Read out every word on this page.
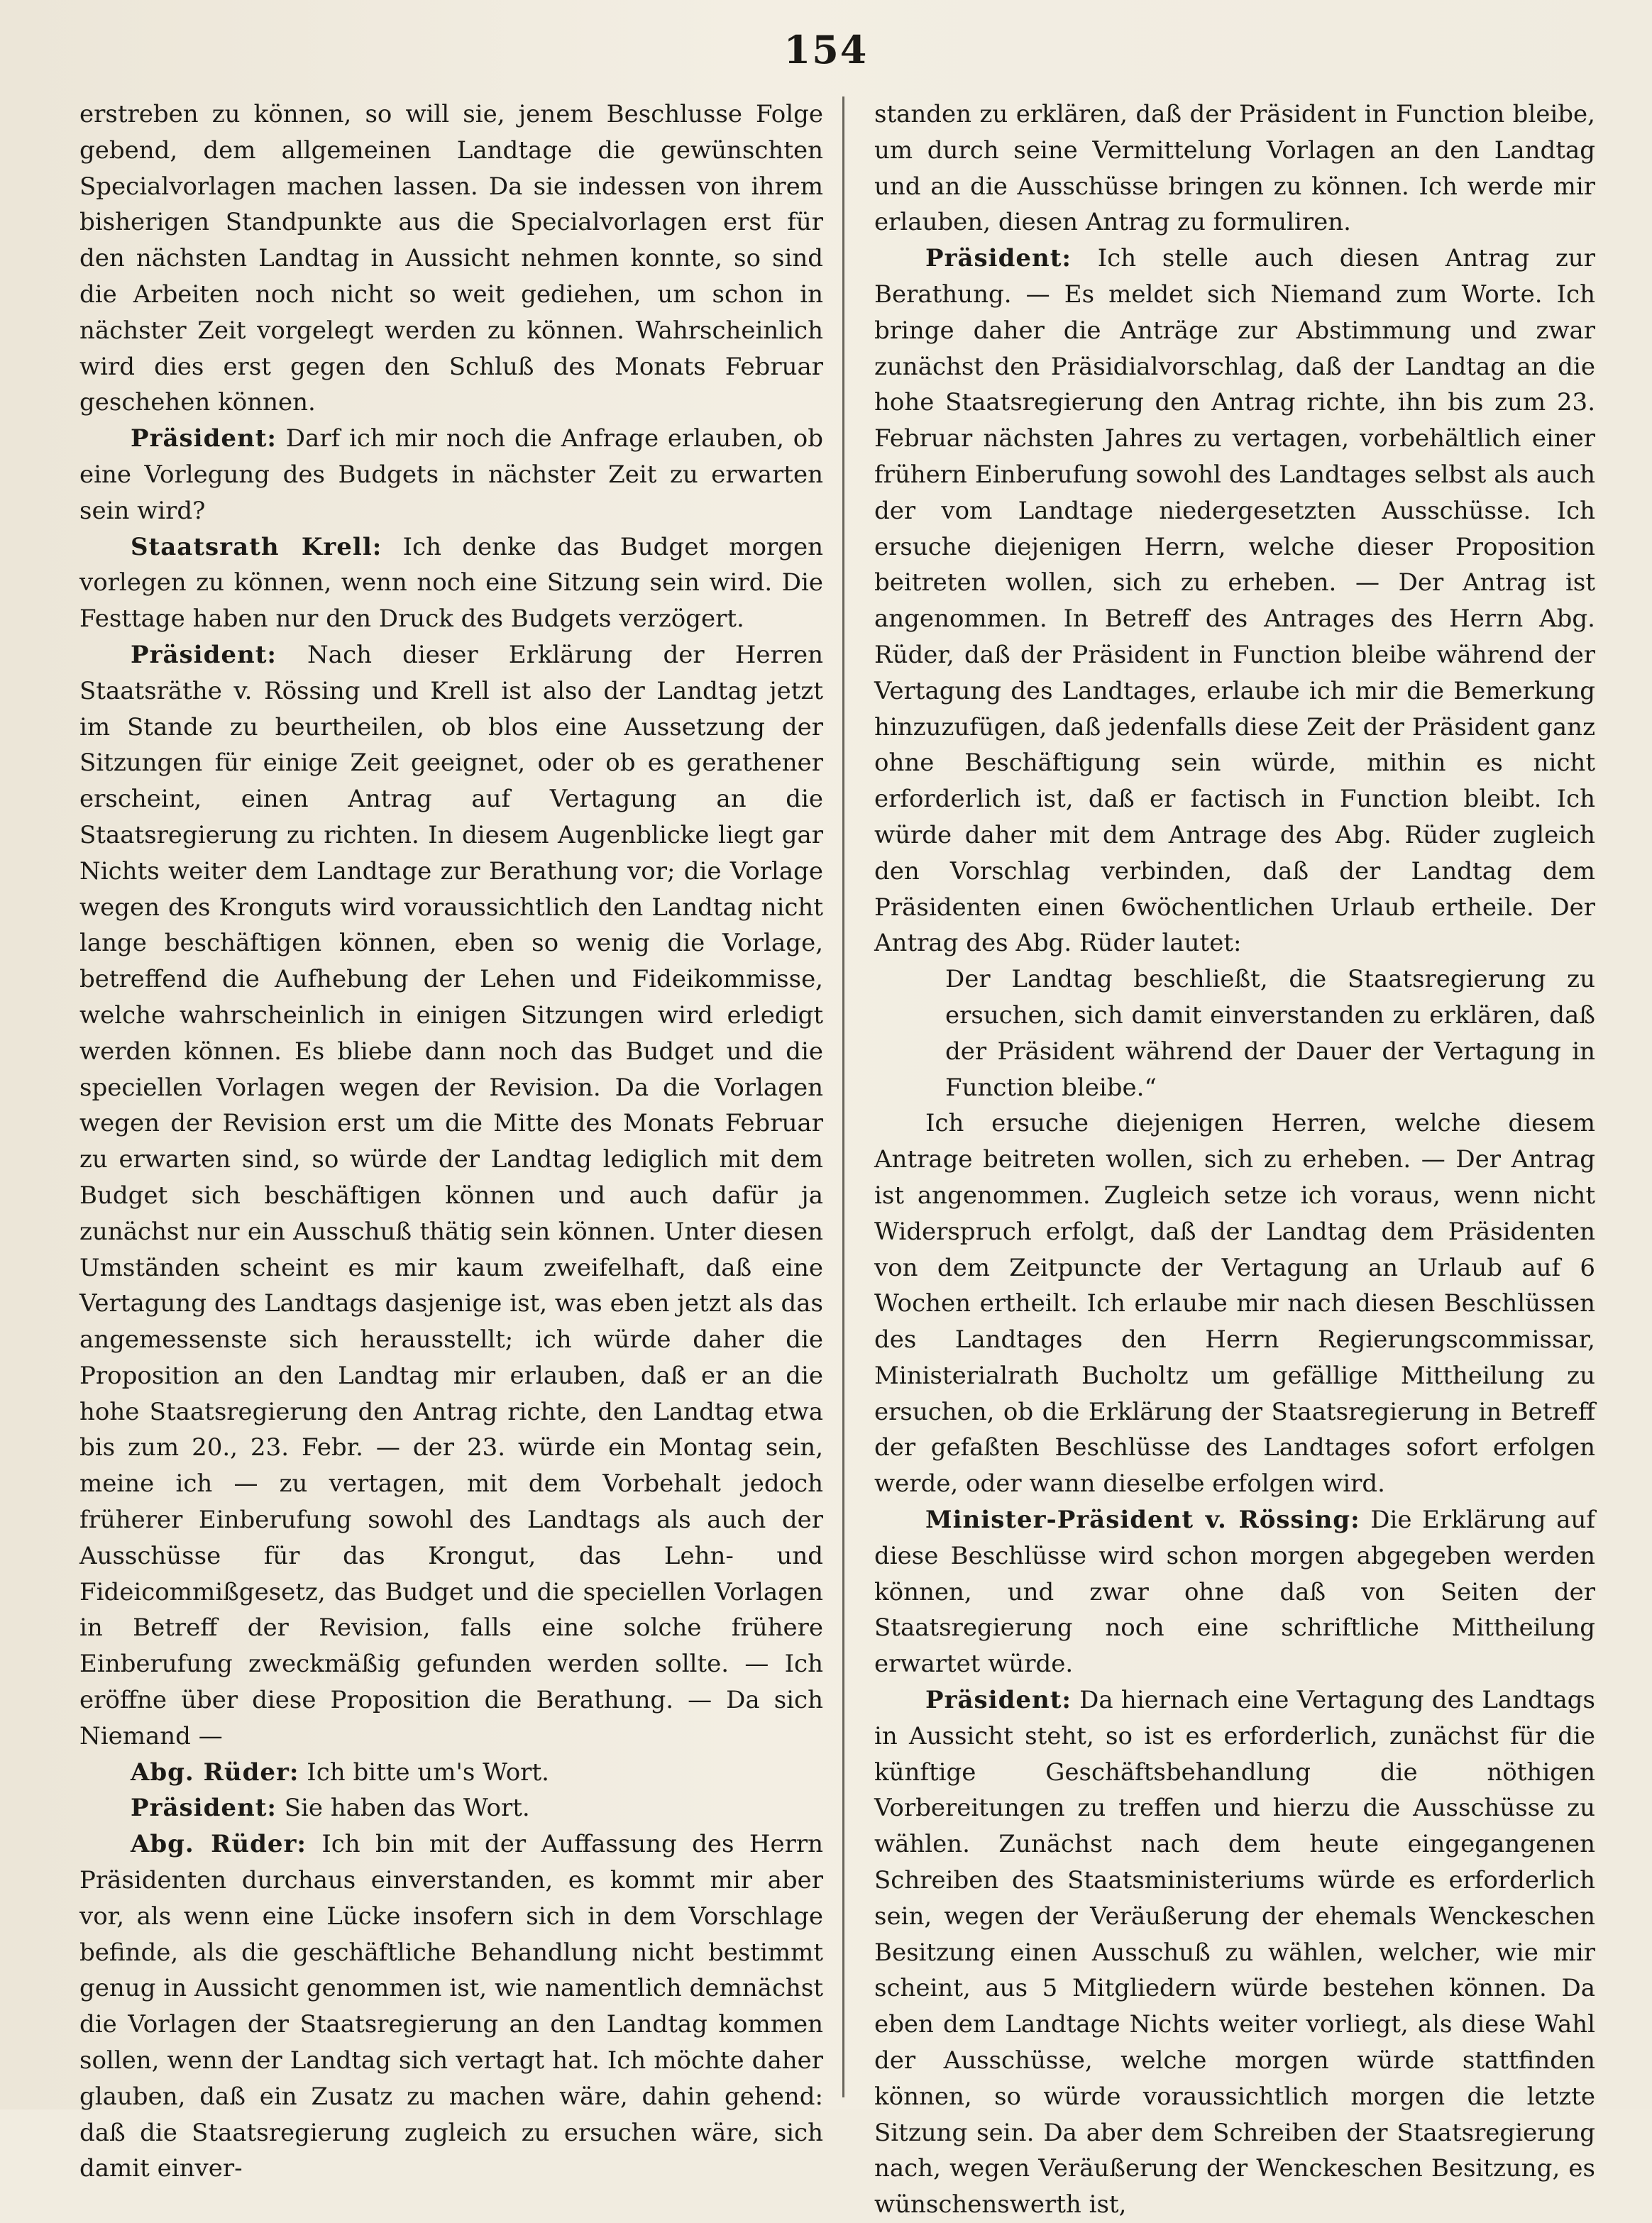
154

erstreben zu können, so will sie, jenem Beschlusse Folge gebend, dem allgemeinen Landtage die gewünschten Specialvorlagen machen lassen. Da sie indessen von ihrem bisherigen Standpunkte aus die Specialvorlagen erst für den nächsten Landtag in Aussicht nehmen konnte, so sind die Arbeiten noch nicht so weit gediehen, um schon in nächster Zeit vorgelegt werden zu können. Wahrscheinlich wird dies erst gegen den Schluß des Monats Februar geschehen können.

Präsident: Darf ich mir noch die Anfrage erlauben, ob eine Vorlegung des Budgets in nächster Zeit zu erwarten sein wird?

Staatsrath Krell: Ich denke das Budget morgen vorlegen zu können, wenn noch eine Sitzung sein wird. Die Festtage haben nur den Druck des Budgets verzögert.

Präsident: Nach dieser Erklärung der Herren Staatsräthe v. Rössing und Krell ist also der Landtag jetzt im Stande zu beurtheilen, ob blos eine Aussetzung der Sitzungen für einige Zeit geeignet, oder ob es gerathener erscheint, einen Antrag auf Vertagung an die Staatsregierung zu richten. In diesem Augenblicke liegt gar Nichts weiter dem Landtage zur Berathung vor; die Vorlage wegen des Kronguts wird voraussichtlich den Landtag nicht lange beschäftigen können, eben so wenig die Vorlage, betreffend die Aufhebung der Lehen und Fideikommisse, welche wahrscheinlich in einigen Sitzungen wird erledigt werden können. Es bliebe dann noch das Budget und die speciellen Vorlagen wegen der Revision. Da die Vorlagen wegen der Revision erst um die Mitte des Monats Februar zu erwarten sind, so würde der Landtag lediglich mit dem Budget sich beschäftigen können und auch dafür ja zunächst nur ein Ausschuß thätig sein können. Unter diesen Umständen scheint es mir kaum zweifelhaft, daß eine Vertagung des Landtags dasjenige ist, was eben jetzt als das angemessenste sich herausstellt; ich würde daher die Proposition an den Landtag mir erlauben, daß er an die hohe Staatsregierung den Antrag richte, den Landtag etwa bis zum 20., 23. Febr. — der 23. würde ein Montag sein, meine ich — zu vertagen, mit dem Vorbehalt jedoch früherer Einberufung sowohl des Landtags als auch der Ausschüsse für das Krongut, das Lehn- und Fideicommißgesetz, das Budget und die speciellen Vorlagen in Betreff der Revision, falls eine solche frühere Einberufung zweckmäßig gefunden werden sollte. — Ich eröffne über diese Proposition die Berathung. — Da sich Niemand —

Abg. Rüder: Ich bitte um's Wort.

Präsident: Sie haben das Wort.

Abg. Rüder: Ich bin mit der Auffassung des Herrn Präsidenten durchaus einverstanden, es kommt mir aber vor, als wenn eine Lücke insofern sich in dem Vorschlage befinde, als die geschäftliche Behandlung nicht bestimmt genug in Aussicht genommen ist, wie namentlich demnächst die Vorlagen der Staatsregierung an den Landtag kommen sollen, wenn der Landtag sich vertagt hat. Ich möchte daher glauben, daß ein Zusatz zu machen wäre, dahin gehend: daß die Staatsregierung zugleich zu ersuchen wäre, sich damit einver-

standen zu erklären, daß der Präsident in Function bleibe, um durch seine Vermittelung Vorlagen an den Landtag und an die Ausschüsse bringen zu können. Ich werde mir erlauben, diesen Antrag zu formuliren.

Präsident: Ich stelle auch diesen Antrag zur Berathung. — Es meldet sich Niemand zum Worte. Ich bringe daher die Anträge zur Abstimmung und zwar zunächst den Präsidialvorschlag, daß der Landtag an die hohe Staatsregierung den Antrag richte, ihn bis zum 23. Februar nächsten Jahres zu vertagen, vorbehältlich einer frühern Einberufung sowohl des Landtages selbst als auch der vom Landtage niedergesetzten Ausschüsse. Ich ersuche diejenigen Herrn, welche dieser Proposition beitreten wollen, sich zu erheben. — Der Antrag ist angenommen. In Betreff des Antrages des Herrn Abg. Rüder, daß der Präsident in Function bleibe während der Vertagung des Landtages, erlaube ich mir die Bemerkung hinzuzufügen, daß jedenfalls diese Zeit der Präsident ganz ohne Beschäftigung sein würde, mithin es nicht erforderlich ist, daß er factisch in Function bleibt. Ich würde daher mit dem Antrage des Abg. Rüder zugleich den Vorschlag verbinden, daß der Landtag dem Präsidenten einen 6wöchentlichen Urlaub ertheile. Der Antrag des Abg. Rüder lautet:

Der Landtag beschließt, die Staatsregierung zu ersuchen, sich damit einverstanden zu erklären, daß der Präsident während der Dauer der Vertagung in Function bleibe.“

Ich ersuche diejenigen Herren, welche diesem Antrage beitreten wollen, sich zu erheben. — Der Antrag ist angenommen. Zugleich setze ich voraus, wenn nicht Widerspruch erfolgt, daß der Landtag dem Präsidenten von dem Zeitpuncte der Vertagung an Urlaub auf 6 Wochen ertheilt. Ich erlaube mir nach diesen Beschlüssen des Landtages den Herrn Regierungscommissar, Ministerialrath Bucholtz um gefällige Mittheilung zu ersuchen, ob die Erklärung der Staatsregierung in Betreff der gefaßten Beschlüsse des Landtages sofort erfolgen werde, oder wann dieselbe erfolgen wird.

Minister-Präsident v. Rössing: Die Erklärung auf diese Beschlüsse wird schon morgen abgegeben werden können, und zwar ohne daß von Seiten der Staatsregierung noch eine schriftliche Mittheilung erwartet würde.

Präsident: Da hiernach eine Vertagung des Landtags in Aussicht steht, so ist es erforderlich, zunächst für die künftige Geschäftsbehandlung die nöthigen Vorbereitungen zu treffen und hierzu die Ausschüsse zu wählen. Zunächst nach dem heute eingegangenen Schreiben des Staatsministeriums würde es erforderlich sein, wegen der Veräußerung der ehemals Wenckeschen Besitzung einen Ausschuß zu wählen, welcher, wie mir scheint, aus 5 Mitgliedern würde bestehen können. Da eben dem Landtage Nichts weiter vorliegt, als diese Wahl der Ausschüsse, welche morgen würde stattfinden können, so würde voraussichtlich morgen die letzte Sitzung sein. Da aber dem Schreiben der Staatsregierung nach, wegen Veräußerung der Wenckeschen Besitzung, es wünschenswerth ist,
